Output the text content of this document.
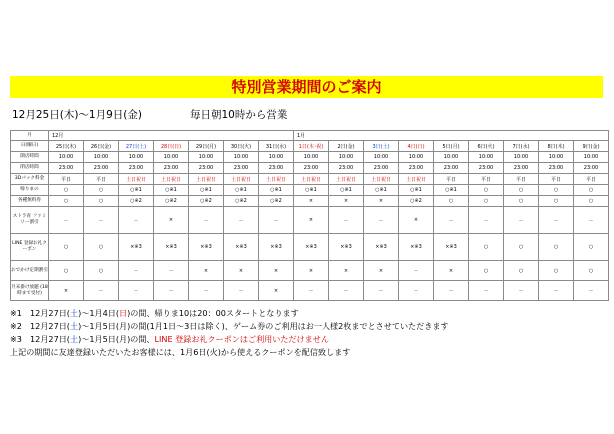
特別営業期間のご案内
12月25日(木)～1月9日(金)	毎日朝10時から営業
月	12月							1月								
日(曜日)	25日(木)	26日(金)	27日(土)	28日(日)	29日(月)	30日(火)	31日(水)	1日(木･祝)	2日(金)	3日(土)	4日(日)	5日(月)	6日(火)	7日(水)	8日(木)	9日(金)
開店時間	10:00	10:00	10:00	10:00	10:00	10:00	10:00	10:00	10:00	10:00	10:00	10:00	10:00	10:00	10:00	10:00
閉店時間	23:00	23:00	23:00	23:00	23:00	23:00	23:00	23:00	23:00	23:00	23:00	23:00	23:00	23:00	23:00	23:00
3Dパック料金	平日	平日	土日祝日	土日祝日	土日祝日	土日祝日	土日祝日	土日祝日	土日祝日	土日祝日	土日祝日	平日	平日	平日	平日	平日
帰りまの	○	○	○※1	○※1	○※1	○※1	○※1	○※1	○※1	○※1	○※1	○※1	○	○	○	○
各種無料券	○	○	○※2	○※2	○※2	○※2	○※2	×	×	×	○※2	○	○	○	○	○
ストラ宵 ファミリー割引	－	－	－	×	－	－	－	×	－	－	×	－	－	－	－	－
LINE 登録お礼クーポン	○	○	×※3	×※3	×※3	×※3	×※3	×※3	×※3	×※3	×※3	×※3	○	○	○	○
おでかけ定期割引	○	○	－	－	×	×	×	×	×	×	－	×	○	○	○	○
月末掛け放題 (18時まで受付)	×	－	－	－	－	－	×	－	－	－	－	－	－	－	－	－
※1　12月27日(土)～1月4日(日)の間、帰りま10は20：00スタートとなります
※2　12月27日(土)～1月5日(月)の間(1月1日～3日は除く)、ゲーム券のご利用はお一人様2枚までとさせていただきます
※3　12月27日(土)～1月5日(月)の間、LINE 登録お礼クーポンはご利用いただけません
上記の期間に友達登録いただいたお客様には、1月6日(火)から使えるクーポンを配信致します
